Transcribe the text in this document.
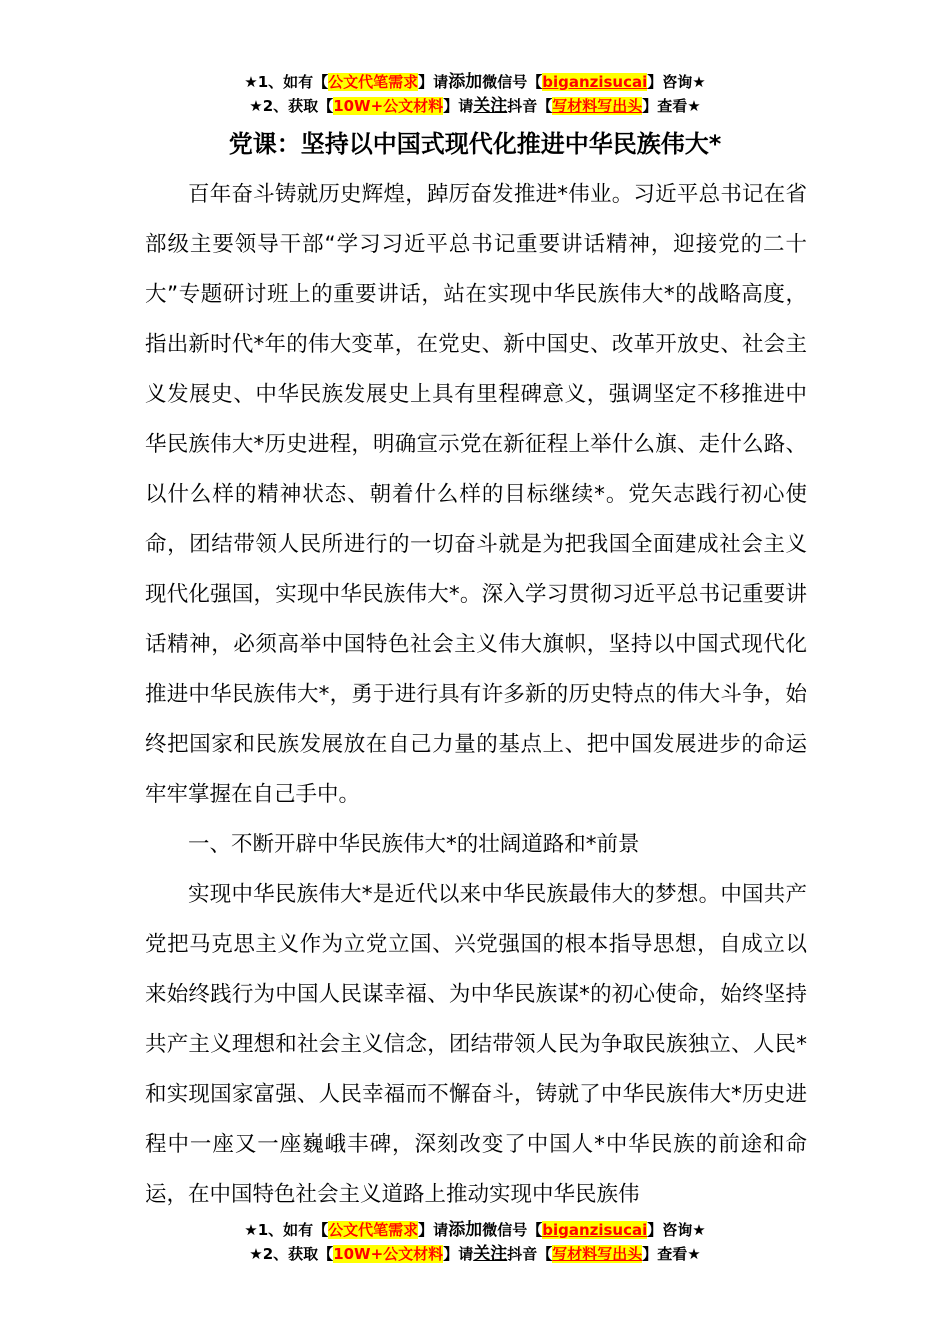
★1、如有【公文代笔需求】请添加微信号【biganzisucai】咨询★
★2、获取【10W+公文材料】请关注抖音【写材料写出头】查看★
党课：坚持以中国式现代化推进中华民族伟大*

百年奋斗铸就历史辉煌，踔厉奋发推进*伟业。习近平总书记在省部级主要领导干部“学习习近平总书记重要讲话精神，迎接党的二十大”专题研讨班上的重要讲话，站在实现中华民族伟大*的战略高度，指出新时代*年的伟大变革，在党史、新中国史、改革开放史、社会主义发展史、中华民族发展史上具有里程碑意义，强调坚定不移推进中华民族伟大*历史进程，明确宣示党在新征程上举什么旗、走什么路、以什么样的精神状态、朝着什么样的目标继续*。党矢志践行初心使命，团结带领人民所进行的一切奋斗就是为把我国全面建成社会主义现代化强国，实现中华民族伟大*。深入学习贯彻习近平总书记重要讲话精神，必须高举中国特色社会主义伟大旗帜，坚持以中国式现代化推进中华民族伟大*，勇于进行具有许多新的历史特点的伟大斗争，始终把国家和民族发展放在自己力量的基点上、把中国发展进步的命运牢牢掌握在自己手中。

一、不断开辟中华民族伟大*的壮阔道路和*前景

实现中华民族伟大*是近代以来中华民族最伟大的梦想。中国共产党把马克思主义作为立党立国、兴党强国的根本指导思想，自成立以来始终践行为中国人民谋幸福、为中华民族谋*的初心使命，始终坚持共产主义理想和社会主义信念，团结带领人民为争取民族独立、人民*和实现国家富强、人民幸福而不懈奋斗，铸就了中华民族伟大*历史进程中一座又一座巍峨丰碑，深刻改变了中国人*中华民族的前途和命运，在中国特色社会主义道路上推动实现中华民族伟

★1、如有【公文代笔需求】请添加微信号【biganzisucai】咨询★
★2、获取【10W+公文材料】请关注抖音【写材料写出头】查看★
